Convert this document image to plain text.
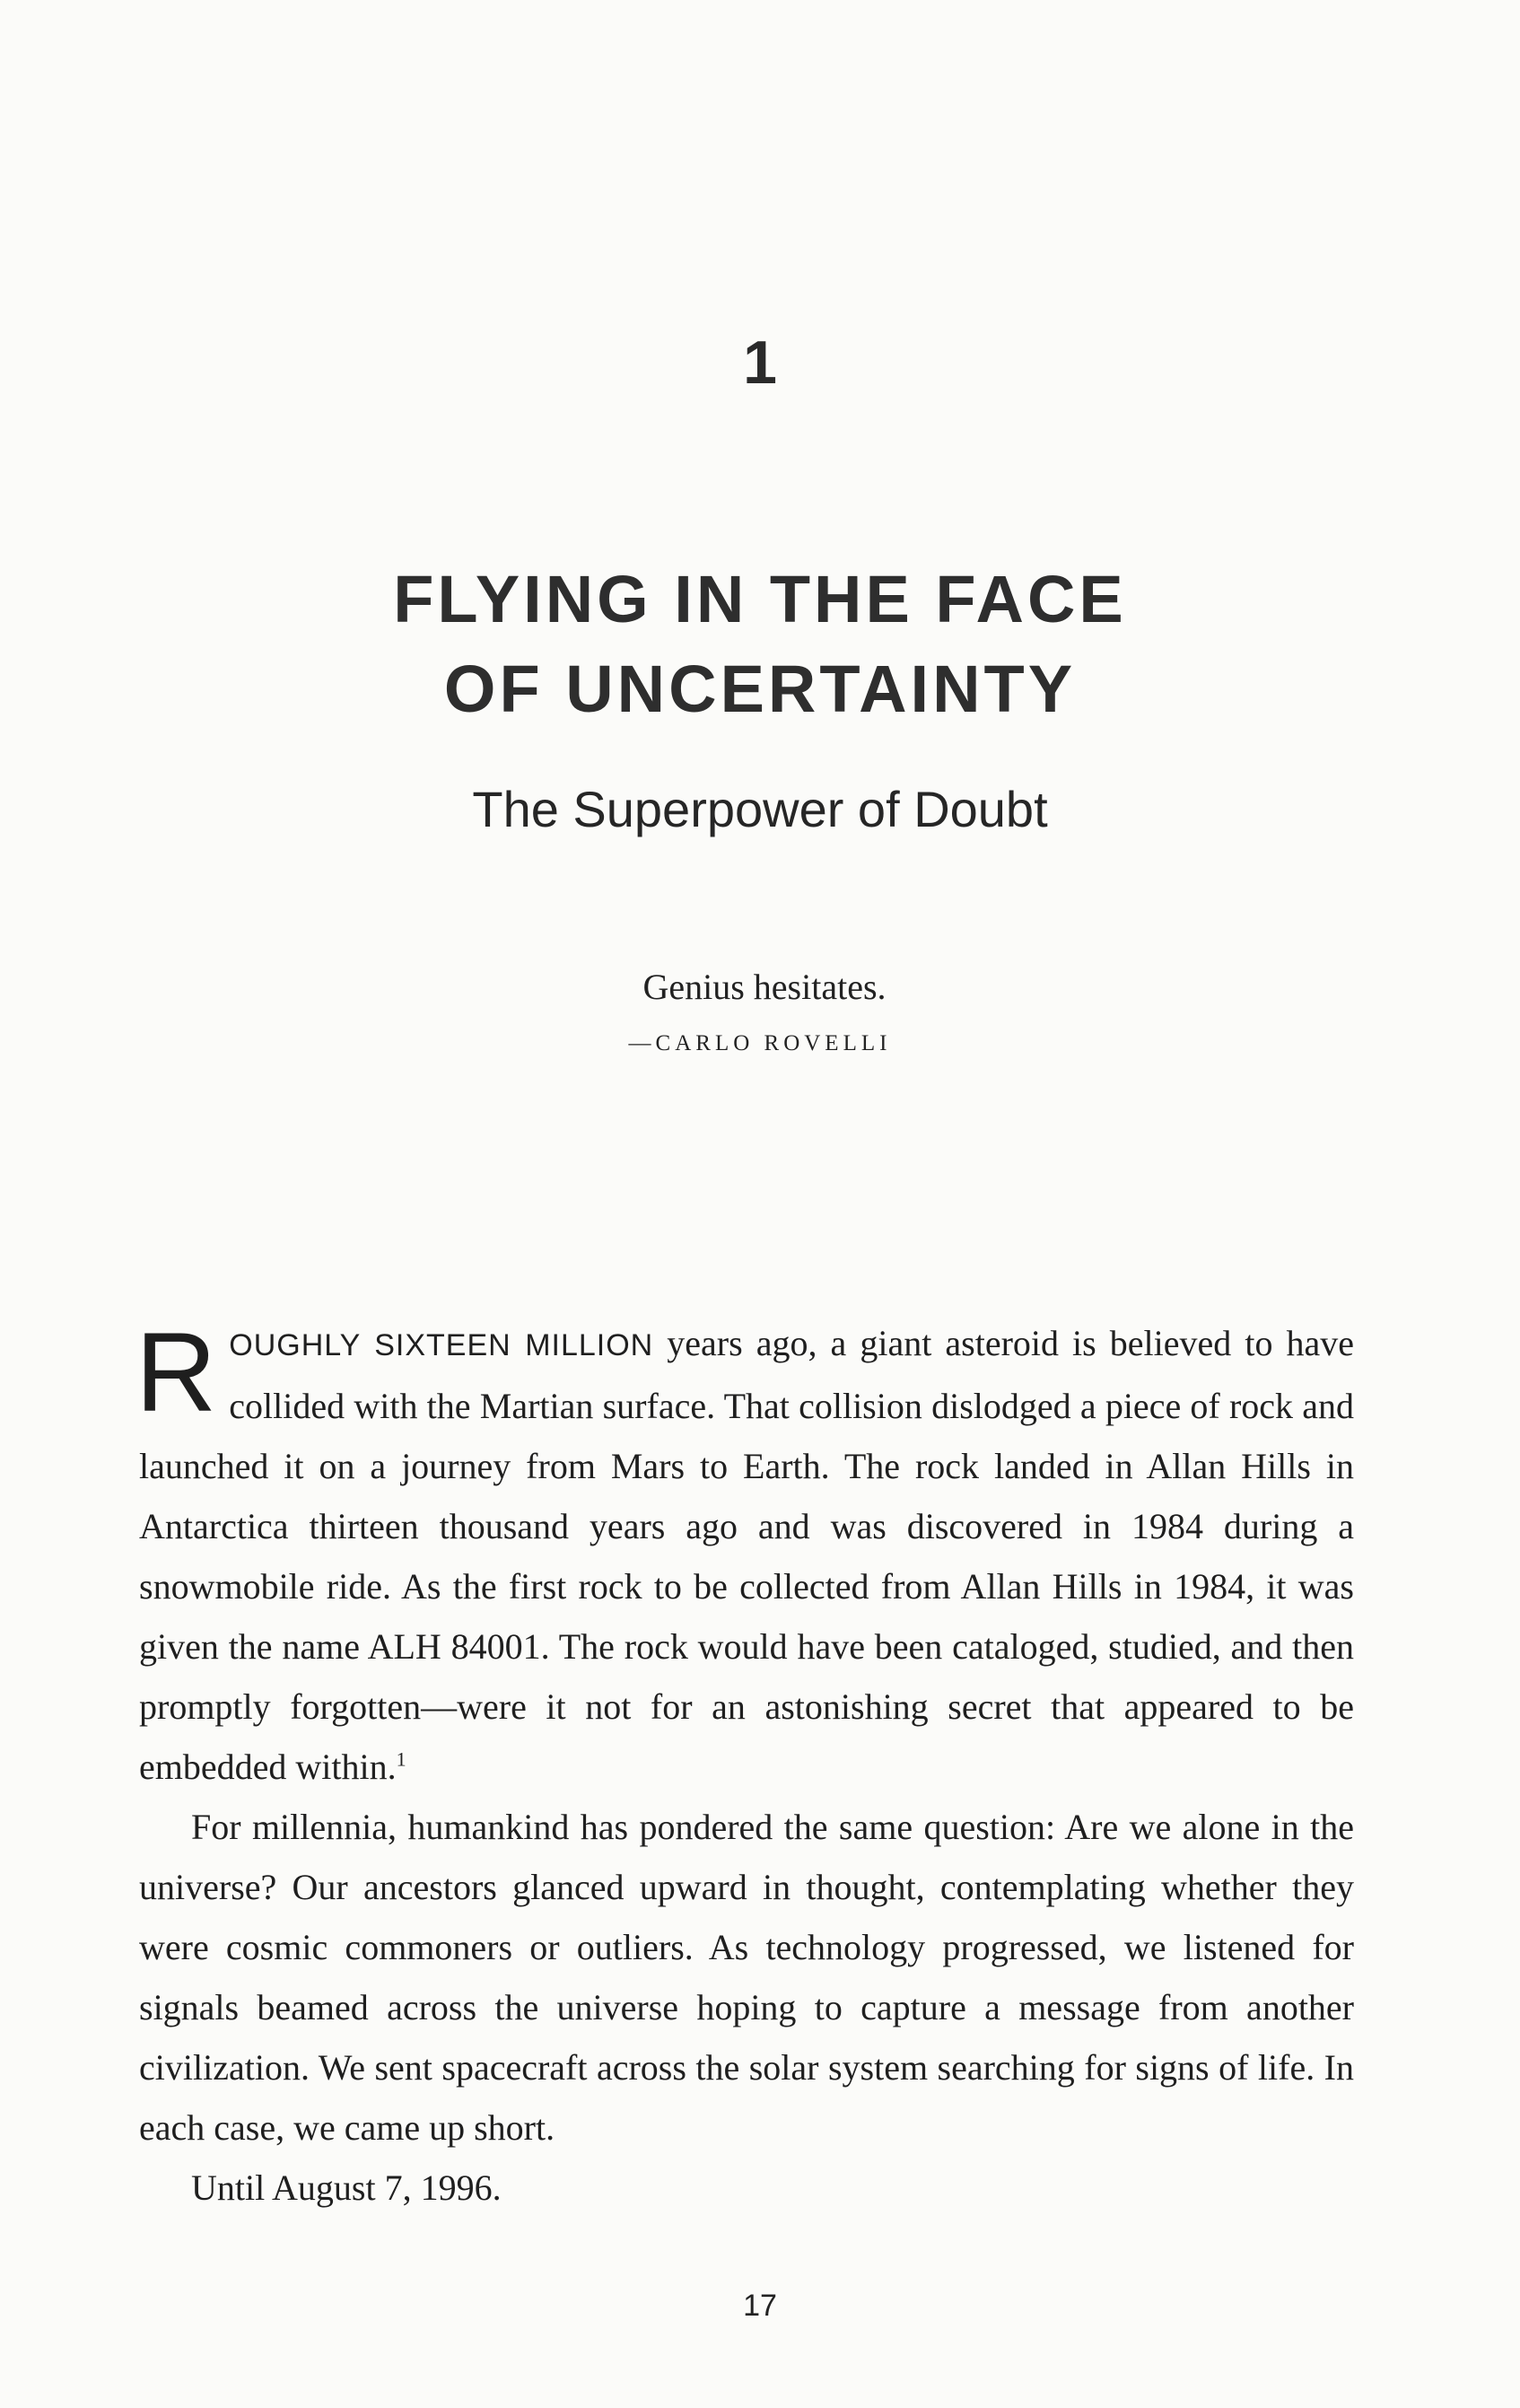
1
FLYING IN THE FACE
OF UNCERTAINTY
The Superpower of Doubt
Genius hesitates.
—CARLO ROVELLI

ROUGHLY SIXTEEN MILLION years ago, a giant asteroid is believed to have collided with the Martian surface. That collision dislodged a piece of rock and launched it on a journey from Mars to Earth. The rock landed in Allan Hills in Antarctica thirteen thousand years ago and was discovered in 1984 during a snowmobile ride. As the first rock to be collected from Allan Hills in 1984, it was given the name ALH 84001. The rock would have been cataloged, studied, and then promptly forgotten—were it not for an astonishing secret that appeared to be embedded within.$^1$

For millennia, humankind has pondered the same question: Are we alone in the universe? Our ancestors glanced upward in thought, contemplating whether they were cosmic commoners or outliers. As technology progressed, we listened for signals beamed across the universe hoping to capture a message from another civilization. We sent spacecraft across the solar system searching for signs of life. In each case, we came up short.

Until August 7, 1996.

17
